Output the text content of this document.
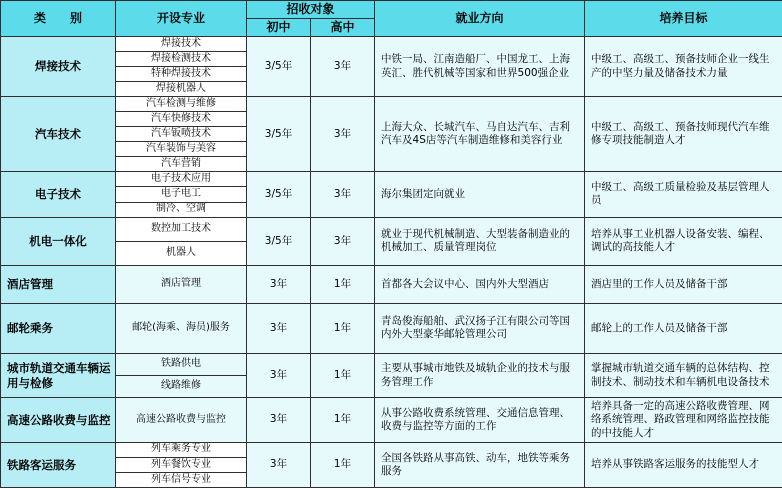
类　　别	开设专业	招收对象		就业方向	培养目标
		初中	高中		
焊接技术	焊接技术	3/5年	3年	中铁一局、江南造船厂、中国龙工、上海英汇、胜代机械等国家和世界500强企业	中级工、高级工、预备技师企业一线生产的中坚力量及储备技术力量
	焊接检测技术				
	特种焊接技术				
	焊接机器人				
汽车技术	汽车检测与维修	3/5年	3年	上海大众、长城汽车、马自达汽车、吉利汽车及4S店等汽车制造维修和美容行业	中级工、高级工、预备技师现代汽车维修专项技能制造人才
	汽车快修技术				
	汽车钣喷技术				
	汽车装饰与美容				
	汽车营销				
电子技术	电子技术应用	3/5年	3年	海尔集团定向就业	中级工、高级工质量检验及基层管理人员
	电子电工				
	制冷、空调				
机电一体化	数控加工技术	3/5年	3年	就业于现代机械制造、大型装备制造业的机械加工、质量管理岗位	培养从事工业机器人设备安装、编程、调试的高技能人才
	机器人				
酒店管理	酒店管理	3年	1年	首都各大会议中心、国内外大型酒店	酒店里的工作人员及储备干部
邮轮乘务	邮轮(海乘、海员)服务	3年	1年	青岛俊海船舶、武汉扬子江有限公司等国内外大型豪华邮轮管理公司	邮轮上的工作人员及储备干部
城市轨道交通车辆运用与检修	铁路供电	3年	1年	主要从事城市地铁及城轨企业的技术与服务管理工作	掌握城市轨道交通车辆的总体结构、控制技术、制动技术和车辆机电设备技术
	线路维修				
高速公路收费与监控	高速公路收费与监控	3年	1年	从事公路收费系统管理、交通信息管理、收费与监控等方面的工作	培养具备一定的高速公路收费管理、网络系统管理、路政管理和网络监控技能的中技能人才
铁路客运服务	列车乘务专业	3年	1年	全国各铁路从事高铁、动车，地铁等乘务服务	培养从事铁路客运服务的技能型人才
	列车餐饮专业				
	列车信号专业				
